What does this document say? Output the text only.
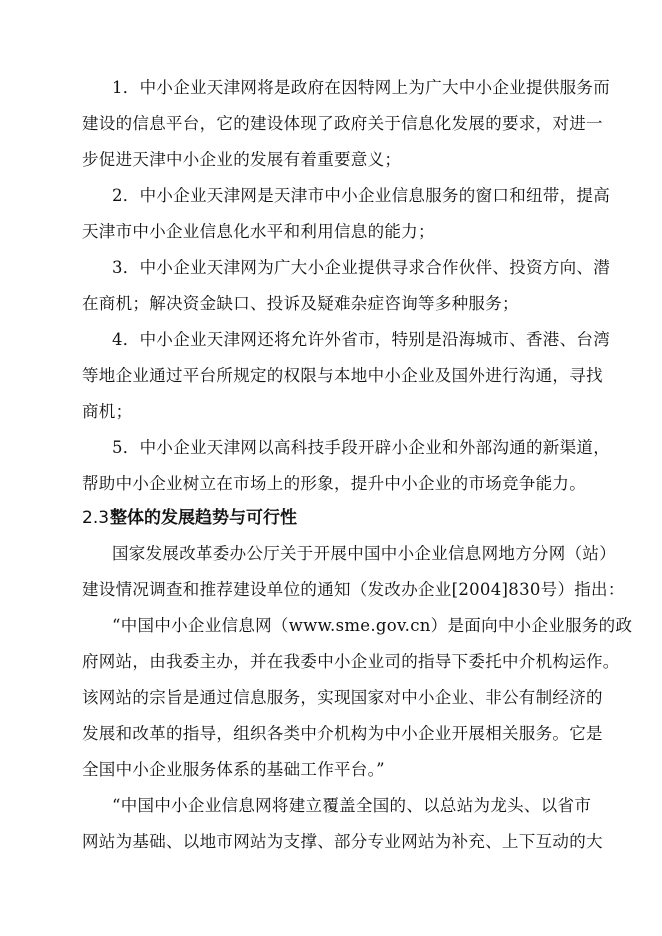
1．中小企业天津网将是政府在因特网上为广大中小企业提供服务而
建设的信息平台，它的建设体现了政府关于信息化发展的要求，对进一
步促进天津中小企业的发展有着重要意义；
2．中小企业天津网是天津市中小企业信息服务的窗口和纽带，提高
天津市中小企业信息化水平和利用信息的能力；
3．中小企业天津网为广大小企业提供寻求合作伙伴、投资方向、潜
在商机；解决资金缺口、投诉及疑难杂症咨询等多种服务；
4．中小企业天津网还将允许外省市，特别是沿海城市、香港、台湾
等地企业通过平台所规定的权限与本地中小企业及国外进行沟通，寻找
商机；
5．中小企业天津网以高科技手段开辟小企业和外部沟通的新渠道，
帮助中小企业树立在市场上的形象，提升中小企业的市场竞争能力。
2.3整体的发展趋势与可行性
国家发展改革委办公厅关于开展中国中小企业信息网地方分网（站）
建设情况调查和推荐建设单位的通知（发改办企业[2004]830号）指出：
“中国中小企业信息网（www.sme.gov.cn）是面向中小企业服务的政
府网站，由我委主办，并在我委中小企业司的指导下委托中介机构运作。
该网站的宗旨是通过信息服务，实现国家对中小企业、非公有制经济的
发展和改革的指导，组织各类中介机构为中小企业开展相关服务。它是
全国中小企业服务体系的基础工作平台。”
“中国中小企业信息网将建立覆盖全国的、以总站为龙头、以省市
网站为基础、以地市网站为支撑、部分专业网站为补充、上下互动的大
